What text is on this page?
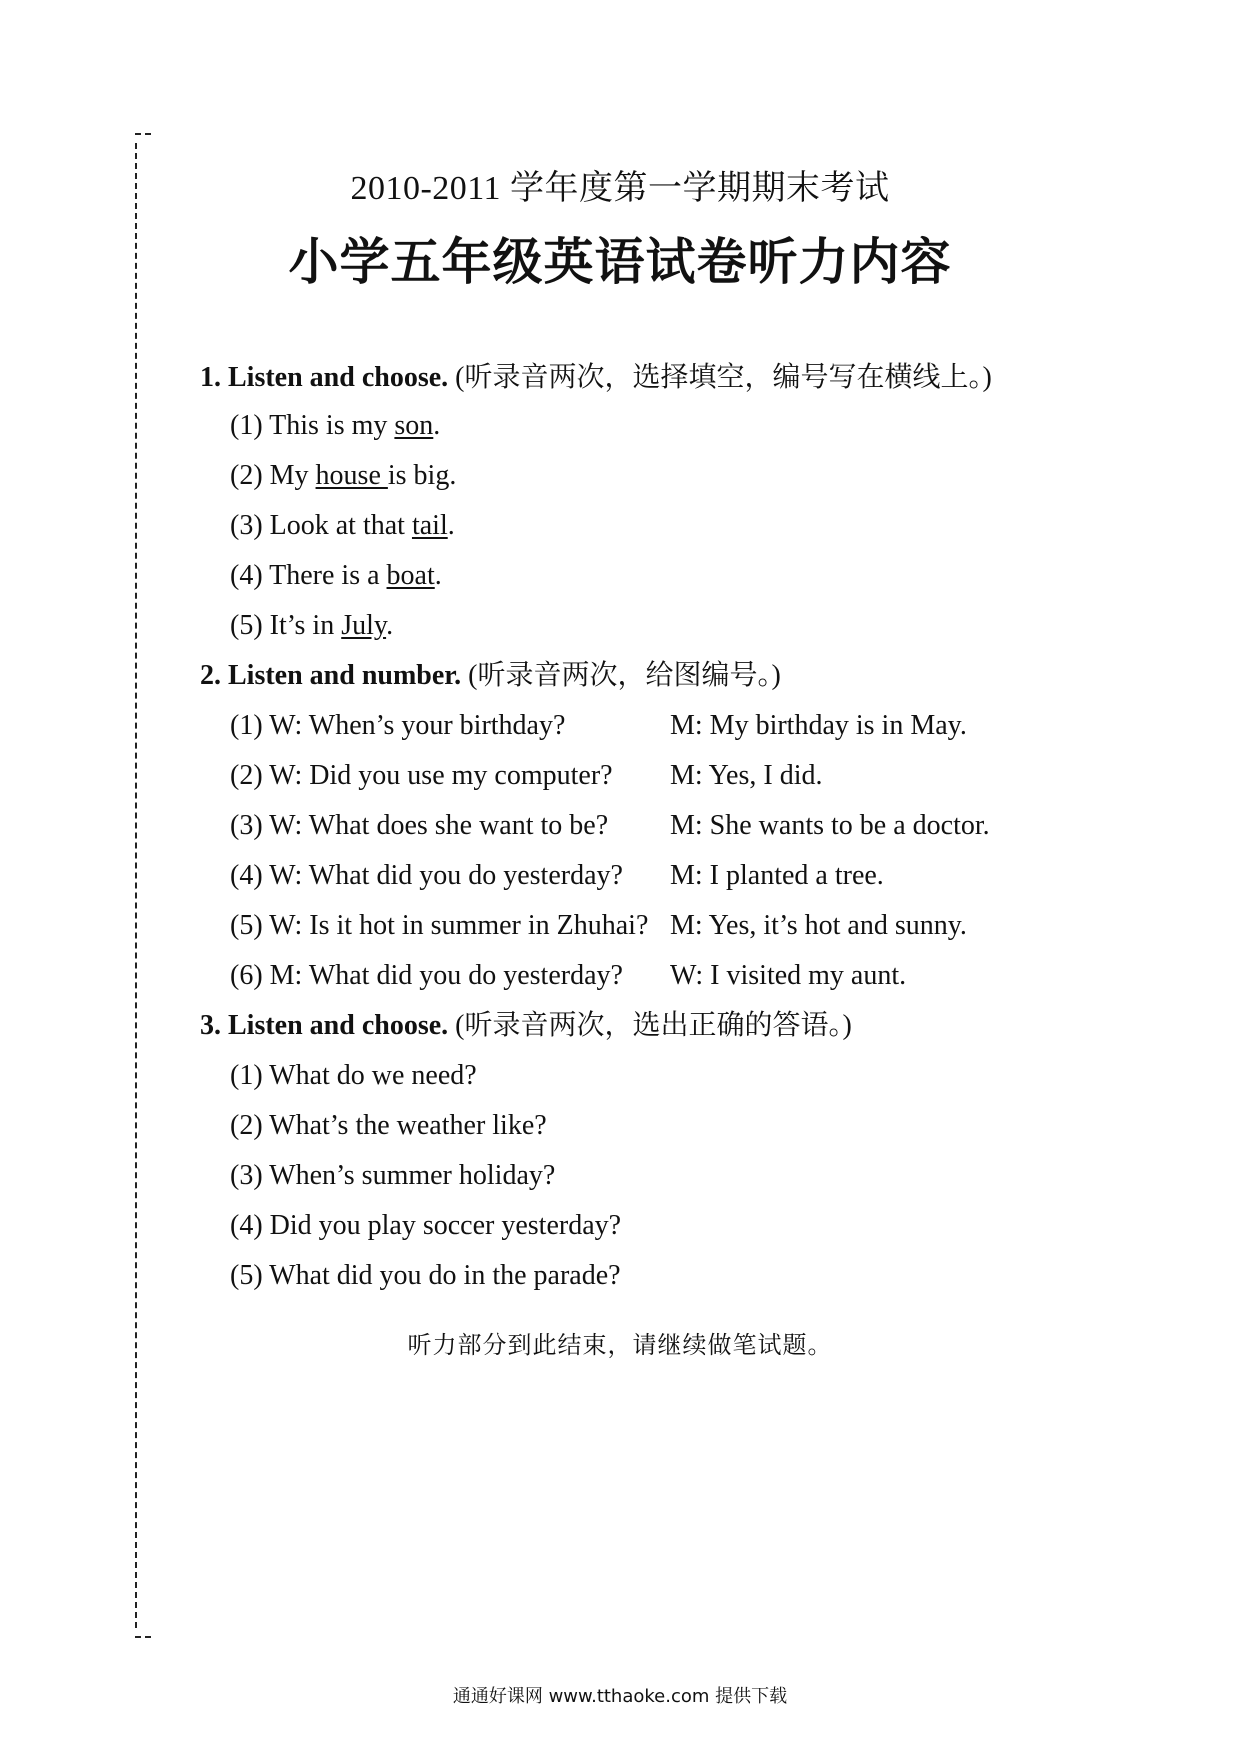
2010-2011 学年度第一学期期末考试
小学五年级英语试卷听力内容
1. Listen and choose. (听录音两次，选择填空，编号写在横线上。)
(1) This is my son.
(2) My house is big.
(3) Look at that tail.
(4) There is a boat.
(5) It’s in July.
2. Listen and number. (听录音两次，给图编号。)
(1) W: When’s your birthday?	M: My birthday is in May.
(2) W: Did you use my computer? M: Yes, I did.
(3) W: What does she want to be? M: She wants to be a doctor.
(4) W: What did you do yesterday? M: I planted a tree.
(5) W: Is it hot in summer in Zhuhai? M: Yes, it’s hot and sunny.
(6) M: What did you do yesterday? W: I visited my aunt.
3. Listen and choose. (听录音两次，选出正确的答语。)
(1) What do we need?
(2) What’s the weather like?
(3) When’s summer holiday?
(4) Did you play soccer yesterday?
(5) What did you do in the parade?
听力部分到此结束，请继续做笔试题。
通通好课网 www.tthaoke.com 提供下载
